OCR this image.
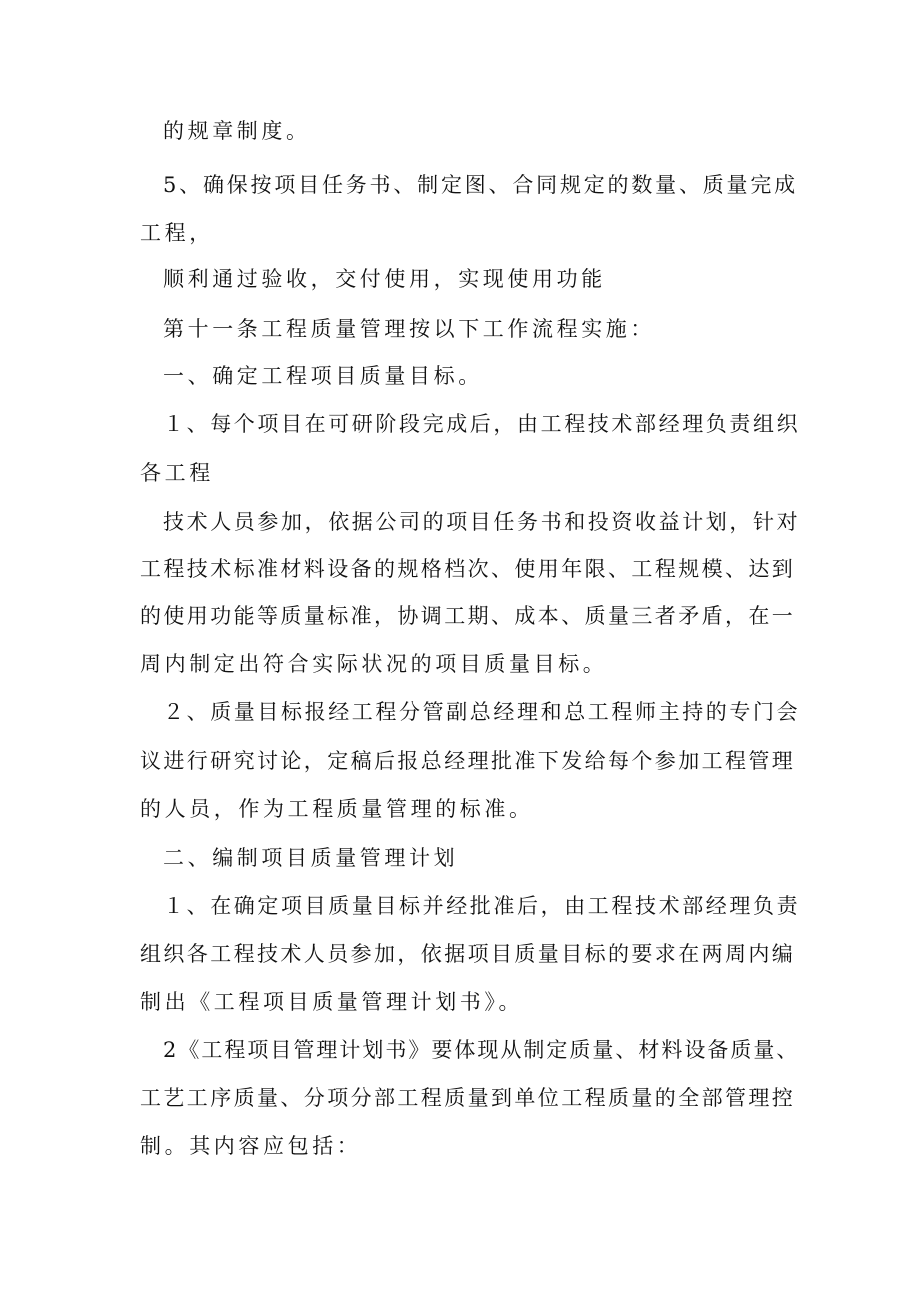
的规章制度。
5、确保按项目任务书、制定图、合同规定的数量、质量完成
工程，
顺利通过验收，交付使用，实现使用功能
第十一条工程质量管理按以下工作流程实施：
一、确定工程项目质量目标。
１、每个项目在可研阶段完成后，由工程技术部经理负责组织
各工程
技术人员参加，依据公司的项目任务书和投资收益计划，针对
工程技术标准材料设备的规格档次、使用年限、工程规模、达到
的使用功能等质量标准，协调工期、成本、质量三者矛盾，在一
周内制定出符合实际状况的项目质量目标。
２、质量目标报经工程分管副总经理和总工程师主持的专门会
议进行研究讨论，定稿后报总经理批准下发给每个参加工程管理
的人员，作为工程质量管理的标准。
二、编制项目质量管理计划
１、在确定项目质量目标并经批准后，由工程技术部经理负责
组织各工程技术人员参加，依据项目质量目标的要求在两周内编
制出《工程项目质量管理计划书》。
2《工程项目管理计划书》要体现从制定质量、材料设备质量、
工艺工序质量、分项分部工程质量到单位工程质量的全部管理控
制。其内容应包括：
